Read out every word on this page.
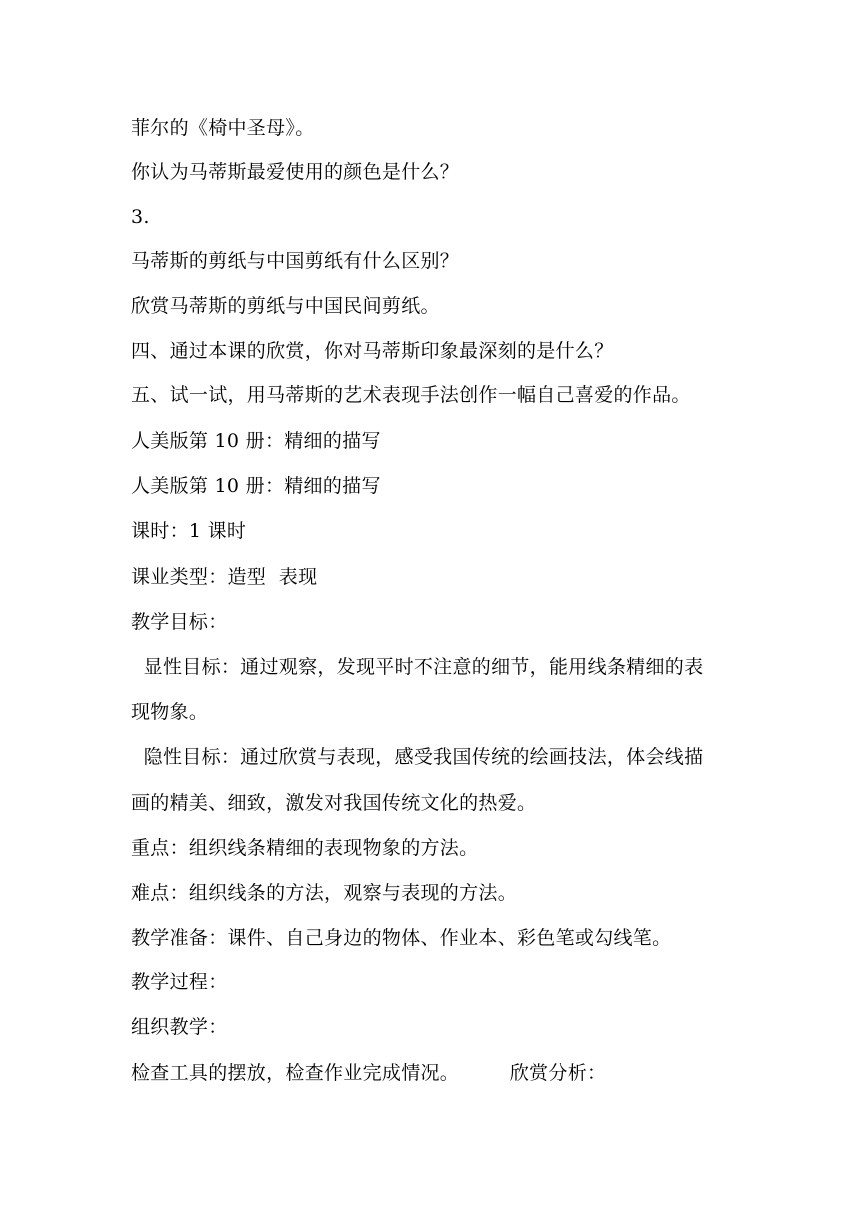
菲尔的《椅中圣母》。
你认为马蒂斯最爱使用的颜色是什么？
3.
马蒂斯的剪纸与中国剪纸有什么区别？
欣赏马蒂斯的剪纸与中国民间剪纸。
四、通过本课的欣赏，你对马蒂斯印象最深刻的是什么？
五、试一试，用马蒂斯的艺术表现手法创作一幅自己喜爱的作品。
人美版第 10 册：精细的描写
人美版第 10 册：精细的描写
课时：1 课时
课业类型：造型  表现
教学目标：
显性目标：通过观察，发现平时不注意的细节，能用线条精细的表
现物象。
隐性目标：通过欣赏与表现，感受我国传统的绘画技法，体会线描
画的精美、细致，激发对我国传统文化的热爱。
重点：组织线条精细的表现物象的方法。
难点：组织线条的方法，观察与表现的方法。
教学准备：课件、自己身边的物体、作业本、彩色笔或勾线笔。
教学过程：
组织教学：
检查工具的摆放，检查作业完成情况。        欣赏分析：
